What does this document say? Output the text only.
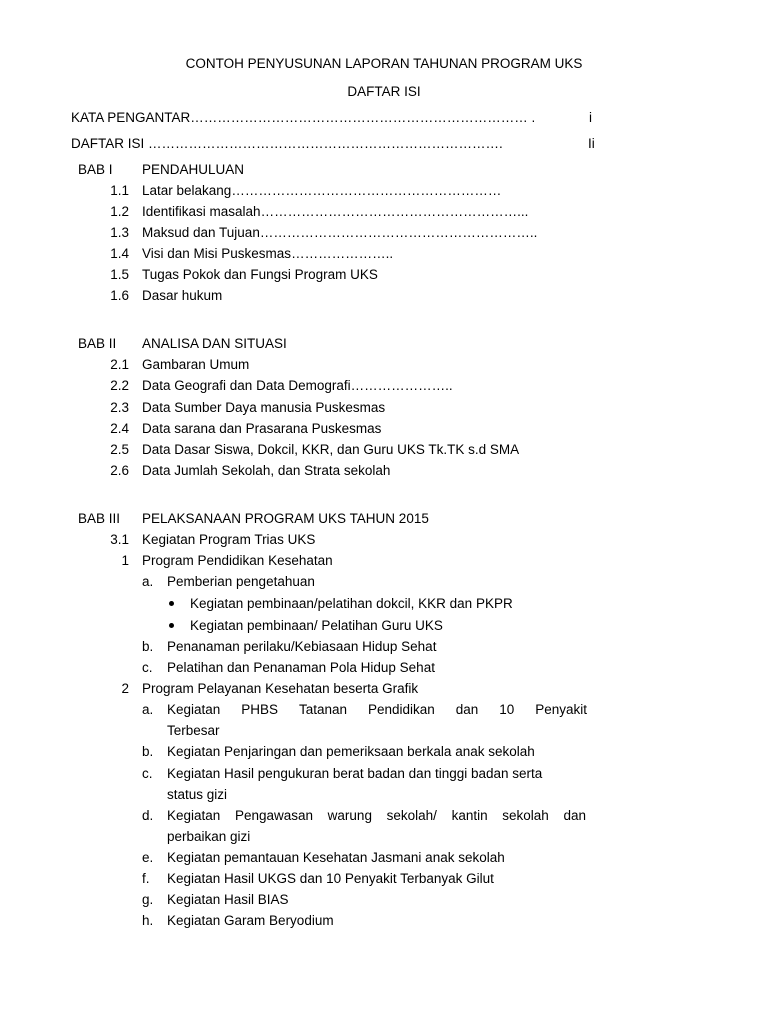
CONTOH PENYUSUNAN LAPORAN TAHUNAN PROGRAM UKS
DAFTAR ISI
KATA PENGANTAR………………………………………………………………… .	i
DAFTAR ISI …………………………………………………………………….	Ii
BAB I PENDAHULUAN
1.1 Latar belakang……………………………………………………
1.2 Identifikasi masalah…………………………………………………...
1.3 Maksud dan Tujuan……………………………………………………..
1.4 Visi dan Misi Puskesmas…………………..
1.5 Tugas Pokok dan Fungsi Program UKS
1.6 Dasar hukum
BAB II ANALISA DAN SITUASI
2.1 Gambaran Umum
2.2 Data Geografi dan Data Demografi…………………..
2.3 Data Sumber Daya manusia Puskesmas
2.4 Data sarana dan Prasarana Puskesmas
2.5 Data Dasar Siswa, Dokcil, KKR, dan Guru UKS Tk.TK s.d SMA
2.6 Data Jumlah Sekolah, dan Strata sekolah
BAB III PELAKSANAAN PROGRAM UKS TAHUN 2015
3.1 Kegiatan Program Trias UKS
1 Program Pendidikan Kesehatan
a. Pemberian pengetahuan
Kegiatan pembinaan/pelatihan dokcil, KKR dan PKPR
Kegiatan pembinaan/ Pelatihan Guru UKS
b. Penanaman perilaku/Kebiasaan Hidup Sehat
c. Pelatihan dan Penanaman Pola Hidup Sehat
2 Program Pelayanan Kesehatan beserta Grafik
a. Kegiatan PHBS Tatanan Pendidikan dan 10 Penyakit
Terbesar
b. Kegiatan Penjaringan dan pemeriksaan berkala anak sekolah
c. Kegiatan Hasil pengukuran berat badan dan tinggi badan serta
status gizi
d. Kegiatan Pengawasan warung sekolah/ kantin sekolah dan
perbaikan gizi
e. Kegiatan pemantauan Kesehatan Jasmani anak sekolah
f. Kegiatan Hasil UKGS dan 10 Penyakit Terbanyak Gilut
g. Kegiatan Hasil BIAS
h. Kegiatan Garam Beryodium
